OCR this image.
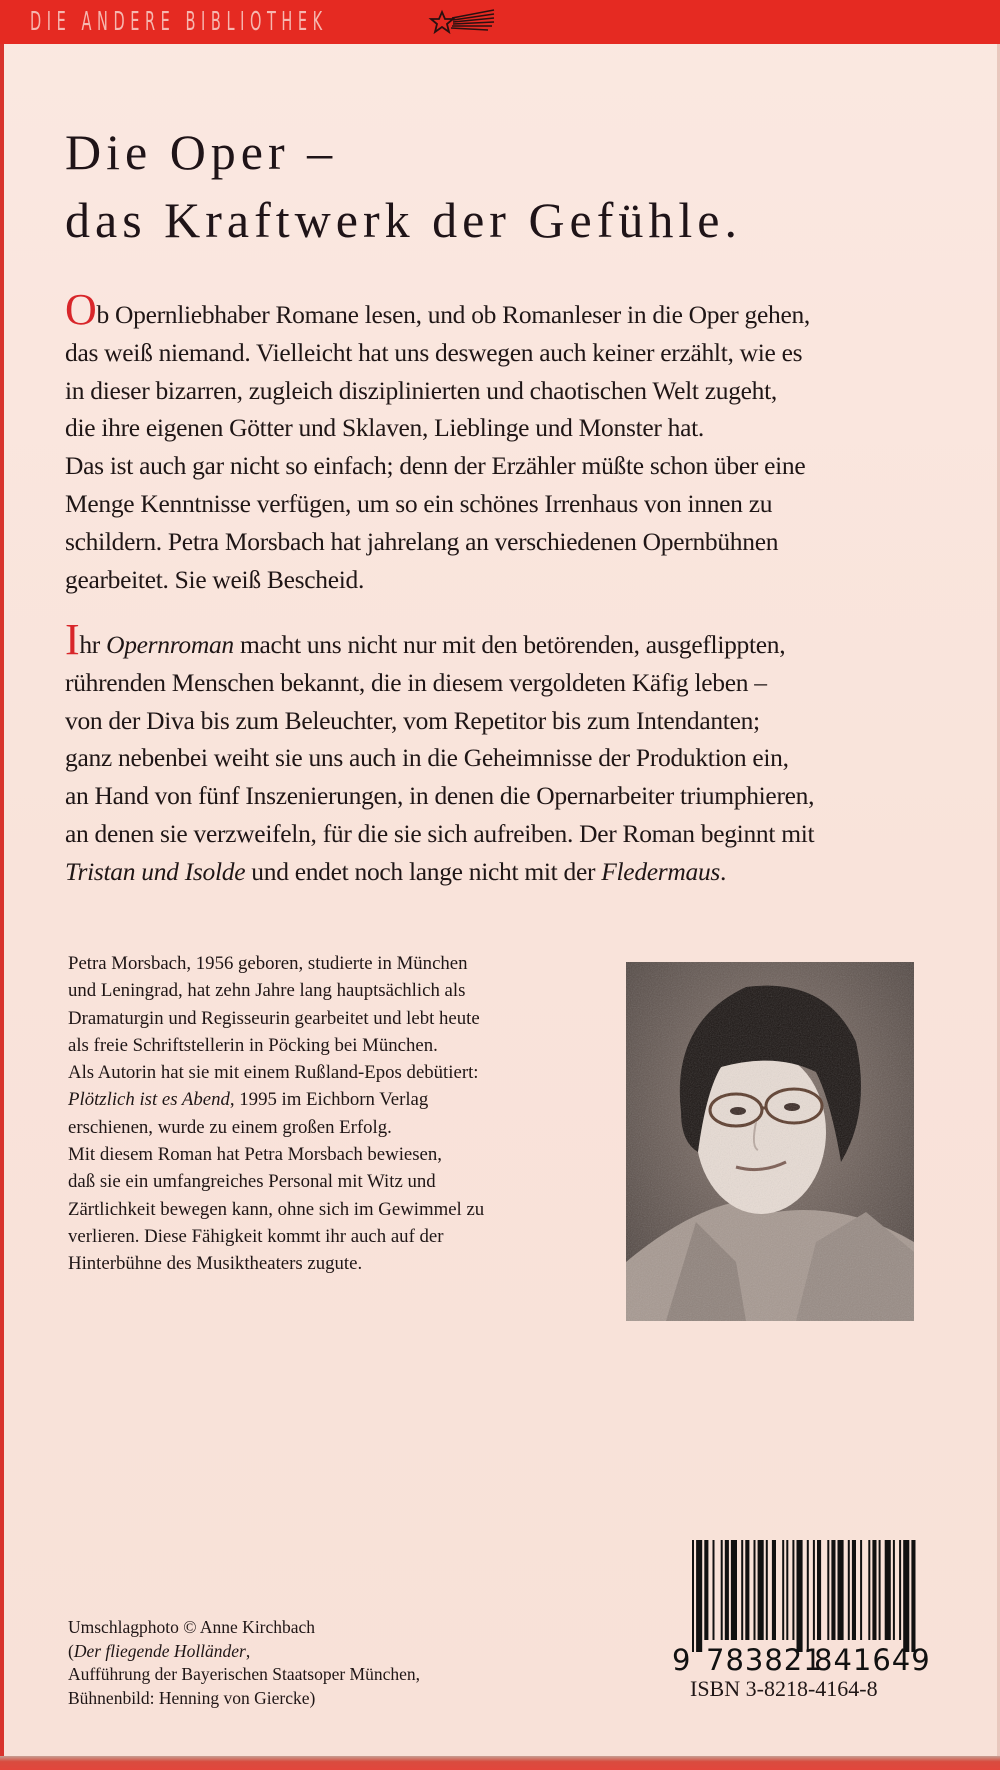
DIE ANDERE BIBLIOTHEK
Die Oper –
das Kraftwerk der Gefühle.
Ob Opernliebhaber Romane lesen, und ob Romanleser in die Oper gehen,
das weiß niemand. Vielleicht hat uns deswegen auch keiner erzählt, wie es
in dieser bizarren, zugleich disziplinierten und chaotischen Welt zugeht,
die ihre eigenen Götter und Sklaven, Lieblinge und Monster hat.
Das ist auch gar nicht so einfach; denn der Erzähler müßte schon über eine
Menge Kenntnisse verfügen, um so ein schönes Irrenhaus von innen zu
schildern. Petra Morsbach hat jahrelang an verschiedenen Opernbühnen
gearbeitet. Sie weiß Bescheid.
Ihr Opernroman macht uns nicht nur mit den betörenden, ausgeflippten,
rührenden Menschen bekannt, die in diesem vergoldeten Käfig leben –
von der Diva bis zum Beleuchter, vom Repetitor bis zum Intendanten;
ganz nebenbei weiht sie uns auch in die Geheimnisse der Produktion ein,
an Hand von fünf Inszenierungen, in denen die Opernarbeiter triumphieren,
an denen sie verzweifeln, für die sie sich aufreiben. Der Roman beginnt mit
Tristan und Isolde und endet noch lange nicht mit der Fledermaus.
Petra Morsbach, 1956 geboren, studierte in München
und Leningrad, hat zehn Jahre lang hauptsächlich als
Dramaturgin und Regisseurin gearbeitet und lebt heute
als freie Schriftstellerin in Pöcking bei München.
Als Autorin hat sie mit einem Rußland-Epos debütiert:
Plötzlich ist es Abend, 1995 im Eichborn Verlag
erschienen, wurde zu einem großen Erfolg.
Mit diesem Roman hat Petra Morsbach bewiesen,
daß sie ein umfangreiches Personal mit Witz und
Zärtlichkeit bewegen kann, ohne sich im Gewimmel zu
verlieren. Diese Fähigkeit kommt ihr auch auf der
Hinterbühne des Musiktheaters zugute.
Umschlagphoto © Anne Kirchbach
(Der fliegende Holländer,
Aufführung der Bayerischen Staatsoper München,
Bühnenbild: Henning von Giercke)
9 783821
841649
ISBN 3-8218-4164-8
